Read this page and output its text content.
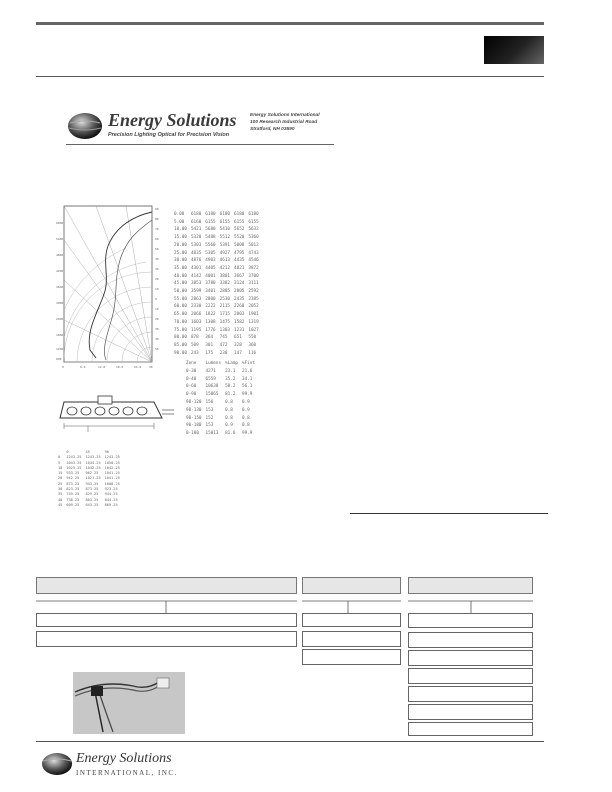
Energy Solutions
Precision Lighting Optical for Precision Vision
Energy Solutions International
100 Research Industrial Road
Stratford, NH 03590
6000
5400
4800
4200
3600
3000
2400
1800
1200
600
90
80
70
60
50
40
30
20
10
0
10
20
30
40
50
0	6.0	12.0	18.0	24.0	30
0.00	6180	6180	6180	6180	6180
5.00	6160	6155	6155	6155	6155
10.00	5421	5680	5410	5652	5632
15.00	5320	5488	5512	5520	5360
20.00	5303	5560	5391	5008	5012
25.00	4835	5305	4927	4795	4743
30.00	4876	4903	4613	4435	4546
35.00	4301	4405	4212	4021	3872
40.00	4142	4001	3801	3667	3700
45.00	3853	3780	3382	3124	3111
50.00	3599	3401	2885	2805	2592
55.00	2863	2800	2530	2435	2385
60.00	2330	2222	2115	2260	2052
65.00	2066	1822	1715	2003	1901
70.00	1603	1308	1475	1582	1319
75.00	1195	1776	1303	1231	1027
80.00	878	364	745	651	550
85.00	509	301	472	328	360
90.00	243	175	230	147	116
Zone	Lumens	%Lamp	%Fixt
0-30	4271	23.1	21.6
0-40	6559	35.2	34.1
0-60	10638	58.2	56.1
0-90	15065	81.2	99.9
90-120	156	0.8	0.9
90-130	153	0.8	0.9
90-150	152	0.8	0.8
90-180	153	0.9	0.8
0-180	15013	81.6	99.9
	0	45	90
0	1243.25	1243.25	1243.25
5	1043.25	1044.25	1050.25
10	1025.25	1042.25	1042.25
15	933.25	962.25	1041.25
20	942.25	1021.25	1041.25
25	873.25	943.25	1008.25
30	823.25	873.25	923.25
35	749.25	829.25	944.25
40	738.25	803.25	844.25
45	609.25	643.25	669.25
Energy Solutions
INTERNATIONAL, INC.
